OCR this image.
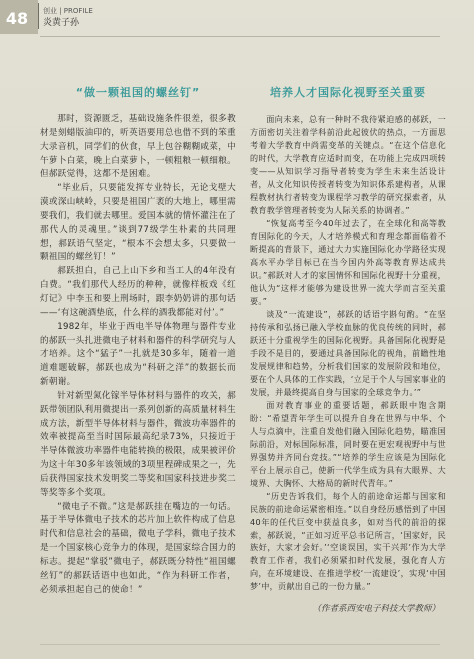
48	创业 | PROFILE
炎黄子孙
“做一颗祖国的螺丝钉”

那时，资源匮乏，基础设施条件很差，很多教材是刻蜡版油印的，听英语要用总也借不到的笨重大录音机，同学们的伙食，早上包谷糊糊咸菜，中午萝卜白菜，晚上白菜萝卜，一顿粗粮一顿细粮。但郝跃觉得，这都不是困难。

“毕业后，只要能发挥专业特长，无论戈壁大漠或深山峡岭，只要是祖国广袤的大地上，哪里需要我们，我们就去哪里。爱国本就的情怀灌注在了那代人的灵魂里。”谈到77级学生朴素的共同理想，郝跃语气坚定，“根本不会想太多，只要做一颗祖国的螺丝钉！”

郝跃担白，自己上山下乡和当工人的4年没有白费。“我们那代人经历的种种，就像样板戏《红灯记》中李玉和要上刑场时，跟李奶奶讲的那句话——‘有这碗酒垫底，什么样的酒我都能对付’。”

1982年，毕业于西电半导体物理与器件专业的郝跃一头扎进微电子材料和器件的科学研究与人才培养。这个“猛子”一扎就是30多年，随着一道道难题破解，郝跃也成为“科研之洋”的数据长而新朝谢。

针对新型氮化镓半导体材料与器件的攻关，郝跃带领团队利用微提出一系列创新的高质量材料生成方法，新型半导体材料与器件，微波功率器件的效率被提高至当时国际最高纪录73%，只接近于半导体微波功率器件电能转换的极限，成果被评价为这十年30多年该领域的3项里程碑成果之一，先后获得国家技术发明奖二等奖和国家科技进步奖二等奖等多个奖项。

“微电子不微。”这是郝跃挂在嘴边的一句话。基于半导体微电子技术的芯片加上软件构成了信息时代和信息社会的基础，微电子学科，微电子技术是一个国家核心竞争力的体现，是国家综合国力的标志。提起“掌驳”微电子，郝跃既分特性“祖国螺丝钉”的郝跃话语中也如此，“作为科研工作者，必须承担起自己的使命！”

培养人才国际化视野至关重要

面向未来，总有一种时不我待紧迫感的郝跃，一方面密切关注着学科前沿此起彼伏的热点，一方面思考着大学教育中尚需变革的关键点。“在这个信息化的时代，大学教育应适时而变，在功能上完成四项转变——从知识学习指导者转变为学生未来生活设计者，从文化知识传授者转变为知识体系建构者，从课程教材执行者转变为课程学习教学的研究探索者，从教育教学管理者转变为人际关系的协调者。”

“恢复高考至今40年过去了，在全球化和高等教育国际化的今天，人才培养模式和育理念都面临着不断提高的背景下，通过大力实施国际化办学路径实现高水平办学目标已在当今国内外高等教育界达成共识。”郝跃对人才的家国情怀和国际化视野十分重视，他认为“这样才能够为建设世界一流大学而言至关重要。”

谈及“一流建设”，郝跃的话语字斟句酌。“在坚持传承和弘扬已融入学校血脉的优良传统的同时，郝跃还十分重视学生的国际化视野。具备国际化视野是手段不是目的，要通过具备国际化的视角，前瞻性地发展规律和趋势，分析我们国家的发展阶段和地位，要在个人具体的工作实践，‘立足于个人与国家事业的发展，并最终提高自身与国家的全球竞争力。’”

面对教育事业的重要话题，郝跃眼中饱含期盼：“希望青年学生可以提升自身在世界与中华、个人与点滴中，注重自发他们融入国际化趋势，瞄准国际前沿，对标国际标准，同时要在更宏观视野中与世界强势并齐同台竞技。”“培养的学生应该是为国际化平台上展示自己，使新一代学生成为具有大眼界、大境界、大胸怀、大格局的新时代青年。”

“历史告诉我们，每个人的前途命运都与国家和民族的前途命运紧密相连。”以自身经历感悟到了中国40年的任代巨变中获益良多，如对当代的前沿的探索，郝跃说，“正如习近平总书记所言，‘国家好，民族好，大家才会好。’‘空谈误国，实干兴邦’作为大学教育工作者，我们必须紧扣时代发展，强化育人方向，在环境建设、在推进学校‘一流建设’，实现‘中国梦’中，贡献出自己的一份力量。”

（作者系西安电子科技大学教师）
